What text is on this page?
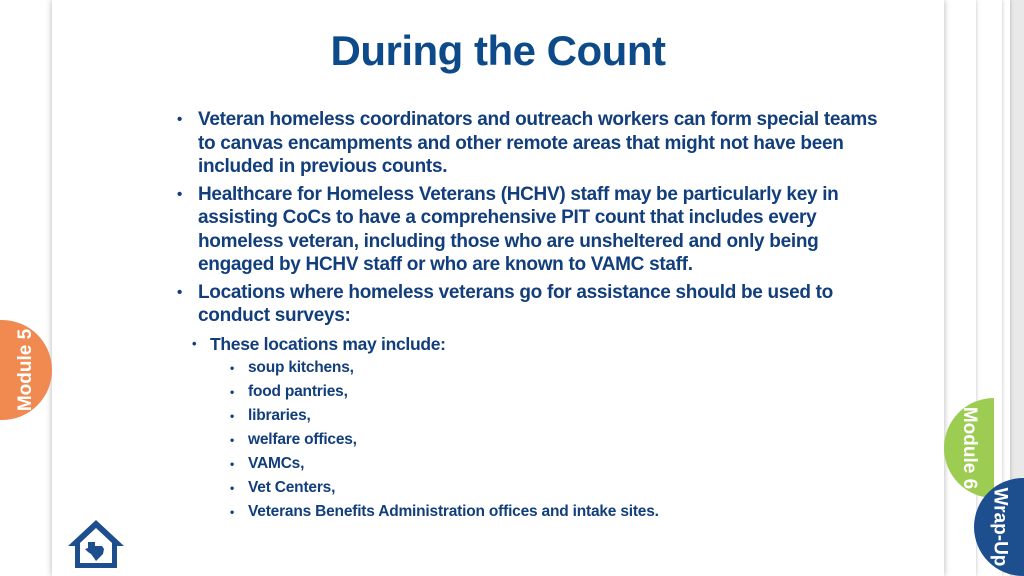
During the Count
• Veteran homeless coordinators and outreach workers can form special teams to canvas encampments and other remote areas that might not have been included in previous counts.
• Healthcare for Homeless Veterans (HCHV) staff may be particularly key in assisting CoCs to have a comprehensive PIT count that includes every homeless veteran, including those who are unsheltered and only being engaged by HCHV staff or who are known to VAMC staff.
• Locations where homeless veterans go for assistance should be used to conduct surveys:
• These locations may include:
• soup kitchens,
• food pantries,
• libraries,
• welfare offices,
• VAMCs,
• Vet Centers,
• Veterans Benefits Administration offices and intake sites.
Module 5
Module 6
Wrap-Up
